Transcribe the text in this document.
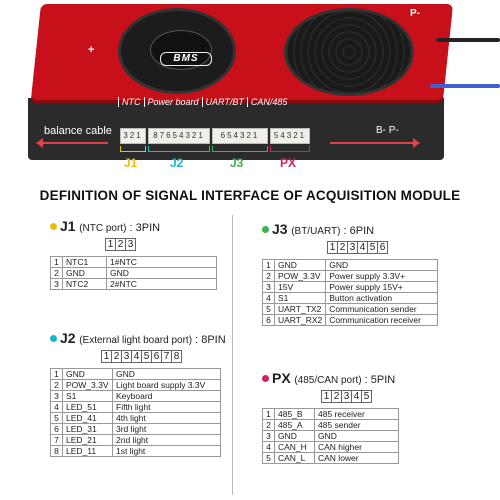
BMS
P-
B-
+
NTC Power board UART/BT CAN/485
balance cable	B- P-
321	87654321	654321	54321
J1	J2	J3	PX
DEFINITION OF SIGNAL INTERFACE OF ACQUISITION MODULE
J1 (NTC port) : 3PIN
1 2 3
1	NTC1	1#NTC
2	GND	GND
3	NTC2	2#NTC
J2 (External light board port) : 8PIN
1 2 3 4 5 6 7 8
1	GND	GND
2	POW_3.3V	Light board supply 3.3V
3	S1	Keyboard
4	LED_51	Fifth light
5	LED_41	4th light
6	LED_31	3rd light
7	LED_21	2nd light
8	LED_11	1st light
J3 (BT/UART) : 6PIN
1 2 3 4 5 6
1	GND	GND
2	POW_3.3V	Power supply 3.3V+
3	15V	Power supply 15V+
4	S1	Button activation
5	UART_TX2	Communication sender
6	UART_RX2	Communication receiver
PX (485/CAN port) : 5PIN
1 2 3 4 5
1	485_B	485 receiver
2	485_A	485 sender
3	GND	GND
4	CAN_H	CAN higher
5	CAN_L	CAN lower
